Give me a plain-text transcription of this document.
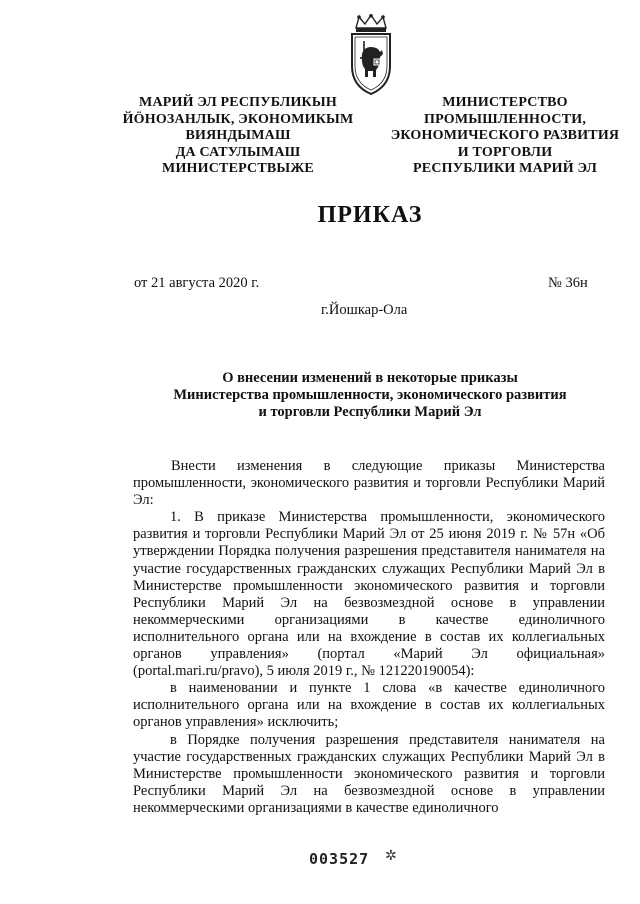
МАРИЙ ЭЛ РЕСПУБЛИКЫН
ЙӦНОЗАНЛЫК, ЭКОНОМИКЫМ
ВИЯНДЫМАШ
ДА САТУЛЫМАШ
МИНИСТЕРСТВЫЖЕ
МИНИСТЕРСТВО
ПРОМЫШЛЕННОСТИ,
ЭКОНОМИЧЕСКОГО РАЗВИТИЯ
И ТОРГОВЛИ
РЕСПУБЛИКИ МАРИЙ ЭЛ
ПРИКАЗ
от 21 августа 2020 г.	№ 36н
г.Йошкар-Ола
О внесении изменений в некоторые приказы
Министерства промышленности, экономического развития
и торговли Республики Марий Эл

Внести изменения в следующие приказы Министерства промышленности, экономического развития и торговли Республики Марий Эл:

1. В приказе Министерства промышленности, экономического развития и торговли Республики Марий Эл от 25 июня 2019 г. № 57н «Об утверждении Порядка получения разрешения представителя нанимателя на участие государственных гражданских служащих Республики Марий Эл в Министерстве промышленности экономического развития и торговли Республики Марий Эл на безвозмездной основе в управлении некоммерческими организациями в качестве единоличного исполнительного органа или на вхождение в состав их коллегиальных органов управления» (портал «Марий Эл официальная» (portal.mari.ru/pravo), 5 июля 2019 г., № 121220190054):

в наименовании и пункте 1 слова «в качестве единоличного исполнительного органа или на вхождение в состав их коллегиальных органов управления» исключить;

в Порядке получения разрешения представителя нанимателя на участие государственных гражданских служащих Республики Марий Эл в Министерстве промышленности экономического развития и торговли Республики Марий Эл на безвозмездной основе в управлении некоммерческими организациями в качестве единоличного

003527 ✲
